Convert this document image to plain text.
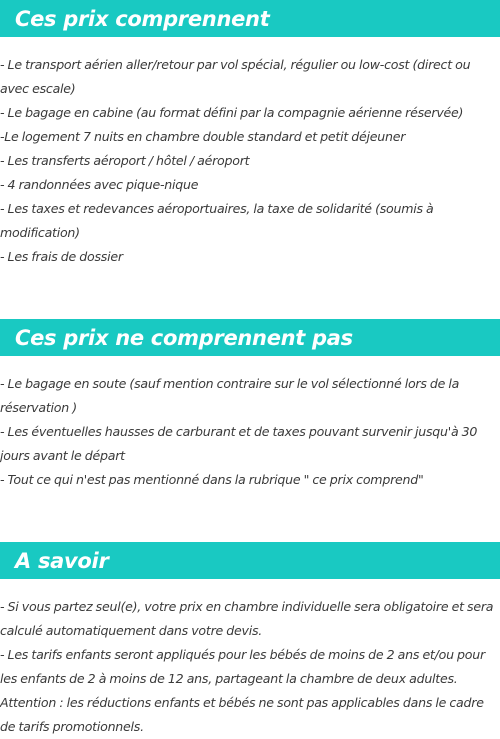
Ces prix comprennent
- Le transport aérien aller/retour par vol spécial, régulier ou low-cost (direct ou avec escale)
- Le bagage en cabine (au format défini par la compagnie aérienne réservée)
-Le logement 7 nuits en chambre double standard et petit déjeuner
- Les transferts aéroport / hôtel / aéroport
- 4 randonnées avec pique-nique
- Les taxes et redevances aéroportuaires, la taxe de solidarité (soumis à modification)
- Les frais de dossier
Ces prix ne comprennent pas
- Le bagage en soute (sauf mention contraire sur le vol sélectionné lors de la réservation )
- Les éventuelles hausses de carburant et de taxes pouvant survenir jusqu'à 30 jours avant le départ
- Tout ce qui n'est pas mentionné dans la rubrique " ce prix comprend"
A savoir
- Si vous partez seul(e), votre prix en chambre individuelle sera obligatoire et sera calculé automatiquement dans votre devis.
- Les tarifs enfants seront appliqués pour les bébés de moins de 2 ans et/ou pour les enfants de 2 à moins de 12 ans, partageant la chambre de deux adultes.
Attention : les réductions enfants et bébés ne sont pas applicables dans le cadre de tarifs promotionnels.
